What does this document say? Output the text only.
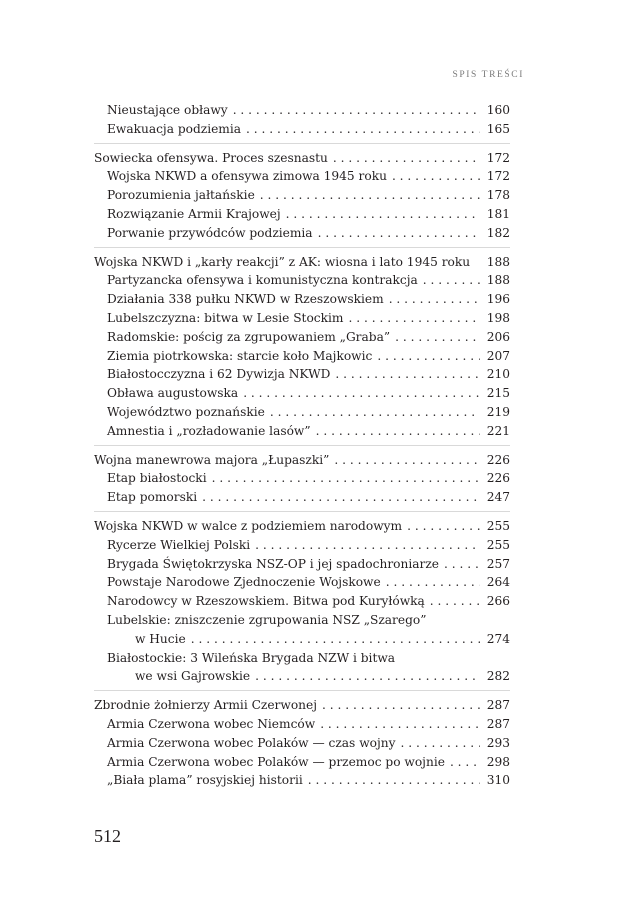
SPIS TREŚCI
Nieustające obławy . . .	160
Ewakuacja podziemia . . .	165
Sowiecka ofensywa. Proces szesnastu . . .	172
Wojska NKWD a ofensywa zimowa 1945 roku . . .	172
Porozumienia jałtańskie . . .	178
Rozwiązanie Armii Krajowej . . .	181
Porwanie przywódców podziemia . . .	182
Wojska NKWD i „karły reakcji” z AK: wiosna i lato 1945 roku 188
Partyzancka ofensywa i komunistyczna kontrakcja . . .	188
Działania 338 pułku NKWD w Rzeszowskiem . . .	196
Lubelszczyzna: bitwa w Lesie Stockim . . .	198
Radomskie: pościg za zgrupowaniem „Graba” . . .	206
Ziemia piotrkowska: starcie koło Majkowic . . .	207
Białostocczyzna i 62 Dywizja NKWD . . .	210
Obława augustowska . . .	215
Województwo poznańskie . . .	219
Amnestia i „rozładowanie lasów” . . .	221
Wojna manewrowa majora „Łupaszki” . . .	226
Etap białostocki . . .	226
Etap pomorski . . .	247
Wojska NKWD w walce z podziemiem narodowym . . .	255
Rycerze Wielkiej Polski . . .	255
Brygada Świętokrzyska NSZ-OP i jej spadochroniarze . . .	257
Powstaje Narodowe Zjednoczenie Wojskowe . . .	264
Narodowcy w Rzeszowskiem. Bitwa pod Kuryłówką . . .	266
Lubelskie: zniszczenie zgrupowania NSZ „Szarego”
w Hucie . . .	274
Białostockie: 3 Wileńska Brygada NZW i bitwa
we wsi Gajrowskie . . .	282
Zbrodnie żołnierzy Armii Czerwonej . . .	287
Armia Czerwona wobec Niemców . . .	287
Armia Czerwona wobec Polaków — czas wojny . . .	293
Armia Czerwona wobec Polaków — przemoc po wojnie . . .	298
„Biała plama” rosyjskiej historii . . .	310
512
